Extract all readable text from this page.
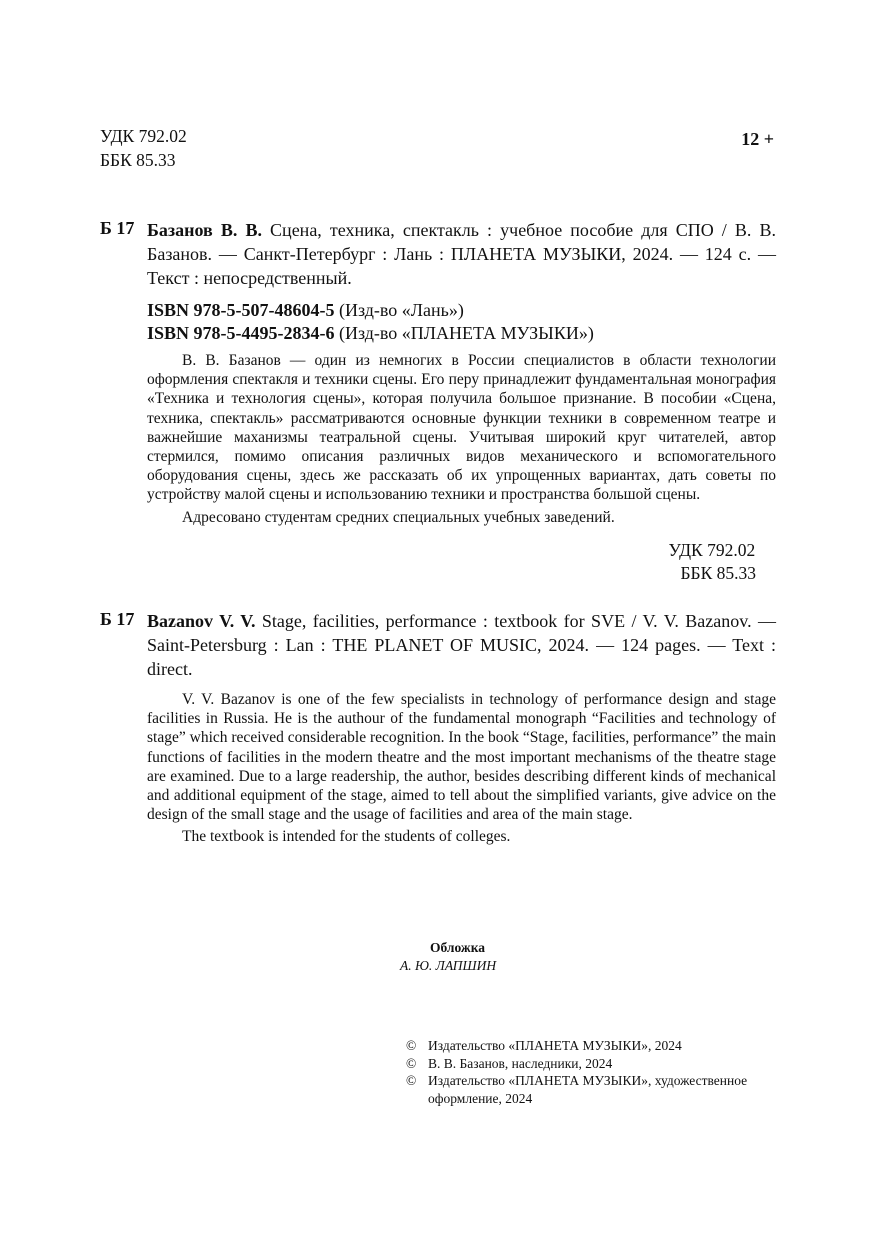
УДК 792.02
ББК 85.33
12 +
Б 17 Базанов В. В. Сцена, техника, спектакль : учебное пособие для СПО / В. В. Базанов. — Санкт-Петербург : Лань : ПЛАНЕТА МУЗЫКИ, 2024. — 124 с. — Текст : непосредственный.
ISBN 978-5-507-48604-5 (Изд-во «Лань»)
ISBN 978-5-4495-2834-6 (Изд-во «ПЛАНЕТА МУЗЫКИ»)

В. В. Базанов — один из немногих в России специалистов в области технологии оформления спектакля и техники сцены. Его перу принадлежит фундаментальная монография «Техника и технология сцены», которая получила большое признание. В пособии «Сцена, техника, спектакль» рассматриваются основные функции техники в современном театре и важнейшие маханизмы театральной сцены. Учитывая широкий круг читателей, автор стермился, помимо описания различных видов механического и вспомогательного оборудования сцены, здесь же рассказать об их упрощенных вариантах, дать советы по устройству малой сцены и использованию техники и пространства большой сцены.

Адресовано студентам средних специальных учебных заведений.

УДК 792.02
ББК 85.33
Б 17 Bazanov V. V. Stage, facilities, performance : textbook for SVE / V. V. Bazanov. — Saint-Petersburg : Lan : THE PLANET OF MUSIC, 2024. — 124 pages. — Text : direct.

V. V. Bazanov is one of the few specialists in technology of performance design and stage facilities in Russia. He is the authour of the fundamental monograph “Facilities and technology of stage” which received considerable recognition. In the book “Stage, facilities, performance” the main functions of facilities in the modern theatre and the most important mechanisms of the theatre stage are examined. Due to a large readership, the author, besides describing different kinds of mechanical and additional equipment of the stage, aimed to tell about the simplified variants, give advice on the design of the small stage and the usage of facilities and area of the main stage.

The textbook is intended for the students of colleges.

Обложка
А. Ю. ЛАПШИН
© Издательство «ПЛАНЕТА МУЗЫКИ», 2024
© В. В. Базанов, наследники, 2024
© Издательство «ПЛАНЕТА МУЗЫКИ», художественное оформление, 2024
